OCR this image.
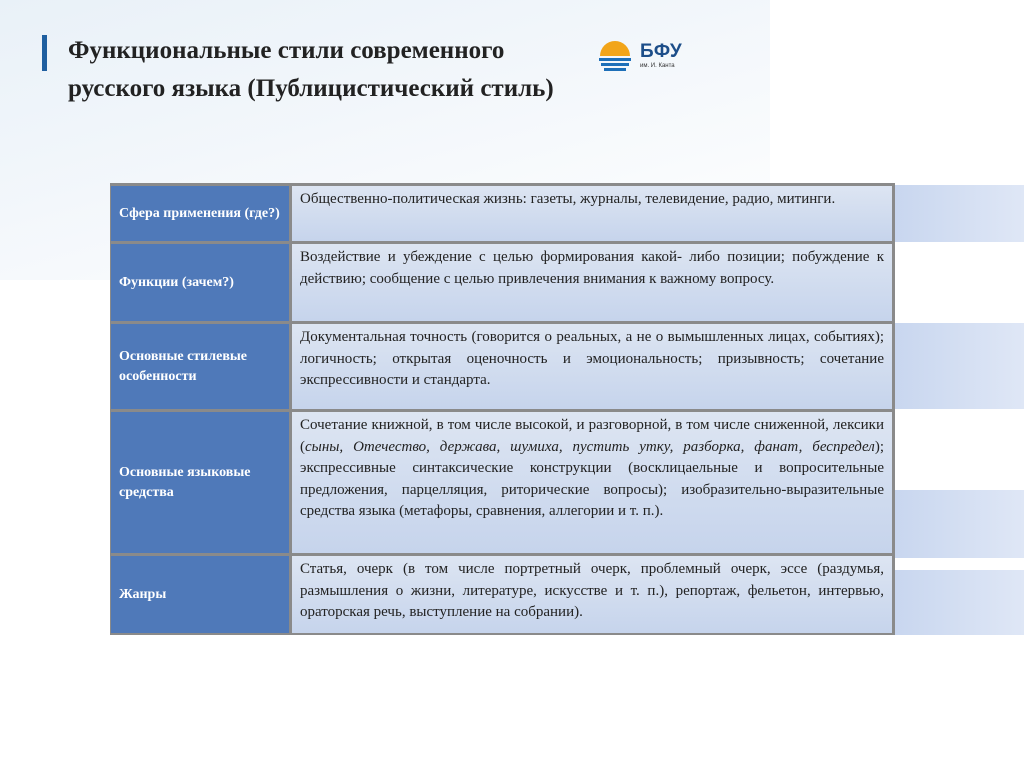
Функциональные стили современного
русского языка (Публицистический стиль)
БФУ
им. И. Канта
Сфера применения (где?)
Общественно-политическая жизнь: газеты, журналы, телевидение, радио, митинги.
Функции (зачем?)
Воздействие и убеждение с целью формирования какой- либо позиции; побуждение к действию; сообщение с целью привлечения внимания к важному вопросу.
Основные стилевые особенности
Документальная точность (говорится о реальных, а не о вымышленных лицах, событиях); логичность; открытая оценочность и эмоциональность; призывность; сочетание экспрессивности и стандарта.
Основные языковые средства
Сочетание книжной, в том числе высокой, и разговорной, в том числе сниженной, лексики (сыны, Отечество, держава, шумиха, пустить утку, разборка, фанат, беспредел); экспрессивные синтаксические конструкции (восклицаельные и вопросительные предложения, парцелляция, риторические вопросы); изобразительно-выразительные средства языка (метафоры, сравнения, аллегории и т. п.).
Жанры
Статья, очерк (в том числе портретный очерк, проблемный очерк, эссе (раздумья, размышления о жизни, литературе, искусстве и т. п.), репортаж, фельетон, интервью, ораторская речь, выступление на собрании).
